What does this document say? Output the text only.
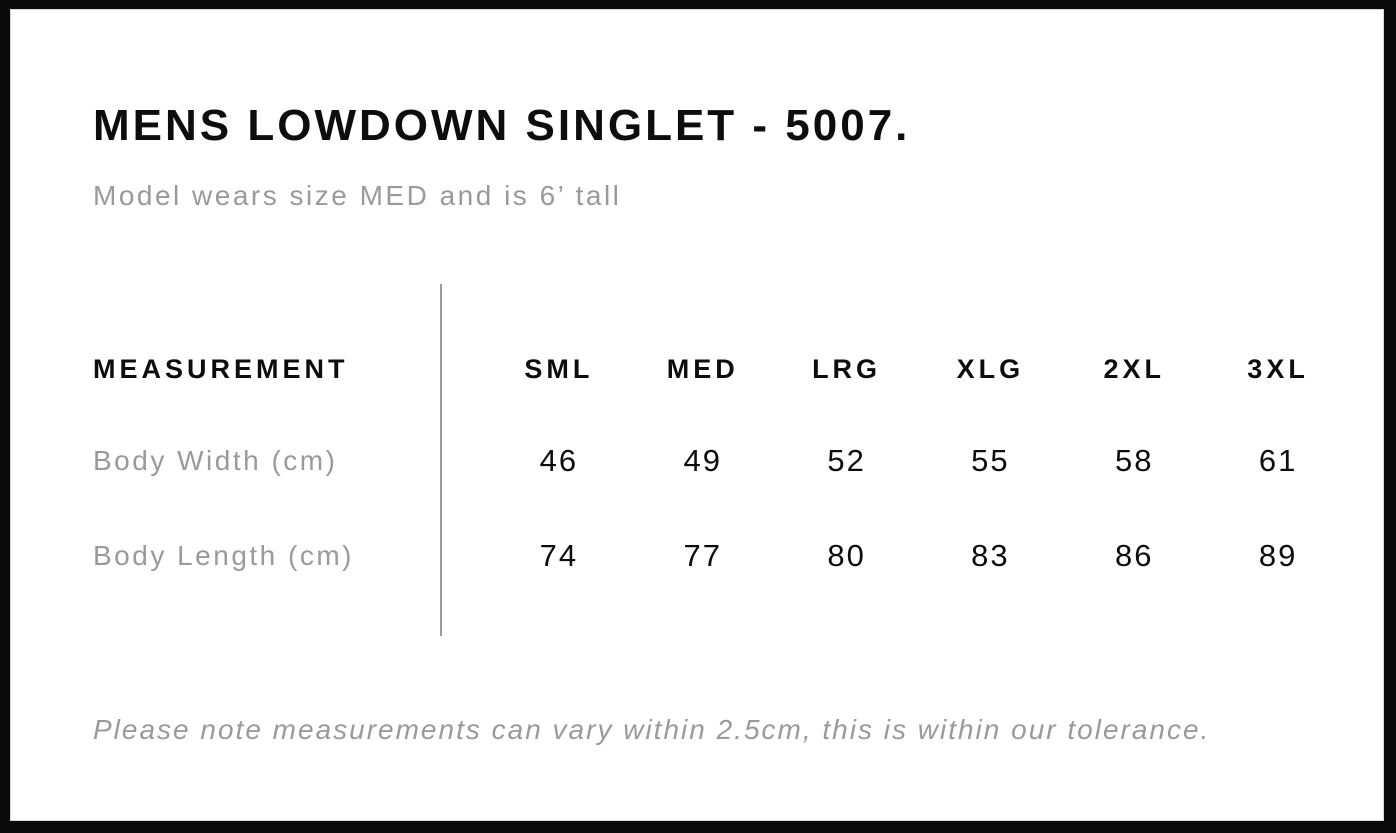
MENS LOWDOWN SINGLET - 5007.

Model wears size MED and is 6’ tall

MEASUREMENT	SML	MED	LRG	XLG	2XL	3XL
Body Width (cm)	46	49	52	55	58	61
Body Length (cm)	74	77	80	83	86	89

Please note measurements can vary within 2.5cm, this is within our tolerance.
